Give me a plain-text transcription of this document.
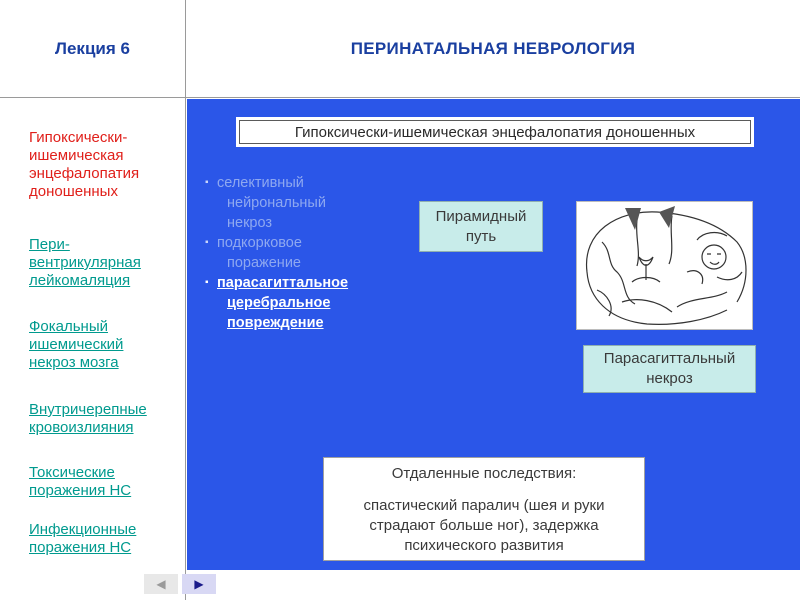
Лекция 6	ПЕРИНАТАЛЬНАЯ НЕВРОЛОГИЯ
Гипоксически-
ишемическая
энцефалопатия
доношенных
Пери-
вентрикулярная
лейкомаляция
Фокальный
ишемический
некроз мозга
Внутричерепные
кровоизлияния
Токсические
поражения НС
Инфекционные
поражения НС
◀ ▶
Гипоксически-ишемическая энцефалопатия доношенных
▪ селективный
нейрональный
некроз
▪ подкорковое
поражение
▪ парасагиттальное
церебральное
повреждение
Пирамидный
путь
Парасагиттальный
некроз
Отдаленные последствия:
спастический паралич (шея и руки
страдают больше ног), задержка
психического развития
